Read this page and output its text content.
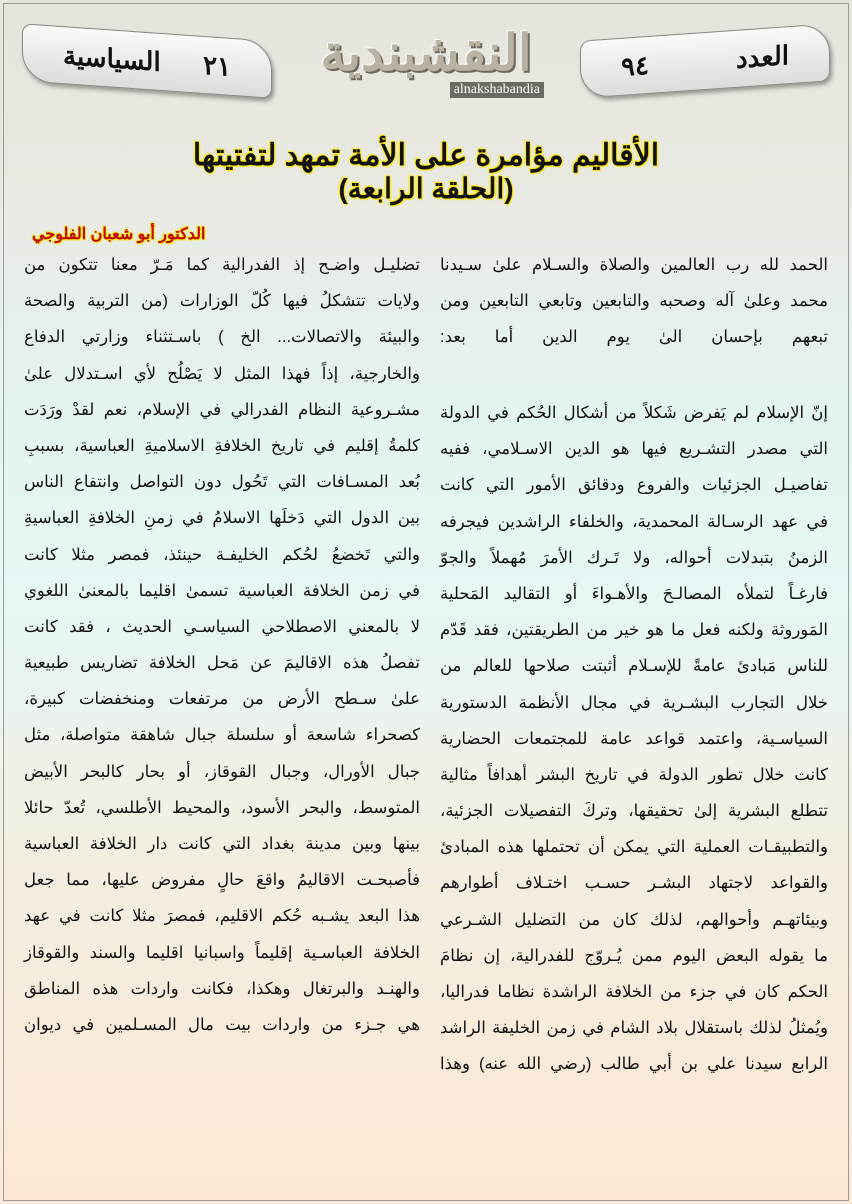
٢١
السياسية	النقشبندية
alnakshabandia
العدد
٩٤
الأقاليم مؤامرة على الأمة تمهد لتفتيتها
(الحلقة الرابعة)
الدكتور أبو شعبان الفلوجي
الحمد لله رب العالمين والصلاة والسـلام علىٰ سـيدنا
محمد وعلىٰ آله وصحبه والتابعين وتابعي التابعين ومن
تبعهم بإحسان الىٰ يوم الدين أما بعد:
إنّ الإسلام لم يَفرض شَكلاً من أشكال الحُكم في الدولة
التي مصدر التشـريع فيها هو الدين الاسـلامي، ففيه
تفاصيـل الجزئيات والفروع ودقائق الأمور التي كانت
في عهد الرسـالة المحمدية، والخلفاء الراشدين فيجرفه
الزمنُ بتبدلات أحواله، ولا تَـرك الأمرَ مُهملاً والجوّ
فارغـاً لتملأه المصالـحَ والأهـواءَ أو التقاليد المَحلية
المَوروثة ولكنه فعل ما هو خير من الطريقتين، فقد قَدّم
للناس مَبادئ عامةً للإسـلام أثبتت صلاحها للعالم من
خلال التجارب البشـرية في مجال الأنظمة الدستورية
السياسـية، واعتمد قواعد عامة للمجتمعات الحضارية
كانت خلال تطور الدولة في تاريخ البشر أهدافاً مثالية
تتطلع البشرية إلىٰ تحقيقها، وتركَ التفصيلات الجزئية،
والتطبيقـات العملية التي يمكن أن تحتملها هذه المبادئ
والقواعد لاجتهاد البشـر حسـب اختـلاف أطوارهم
وبيئاتهـم وأحوالهم، لذلك كان من التضليل الشـرعي
ما يقوله البعض اليوم ممن يُـروّج للفدرالية، إن نظامَ
الحكم كان في جزء من الخلافة الراشدة نظاما فدراليا،
ويُمثلُ لذلك باستقلال بلاد الشام في زمن الخليفة الراشد
الرابع سيدنا علي بن أبي طالب (رضي الله عنه) وهذا
تضليـل واضـح إذ الفدرالية كما مَـرّ معنا تتكون من
ولايات تتشكلُ فيها كُلّ الوزارات (من التربية والصحة
والبيئة والاتصالات... الخ ) باسـتثناء وزارتي الدفاع
والخارجية، إذاً فهذا المثل لا يَصْلُح لأي اسـتدلال علىٰ
مشـروعية النظام الفدرالي في الإسلام، نعم لقدْ ورَدَت
كلمةُ إقليم في تاريخ الخلافةِ الاسلاميةِ العباسية، بسببِ
بُعد المسـافات التي تَحُول دون التواصل وانتفاع الناس
بين الدول التي دَخلَها الاسلامُ في زمنِ الخلافةِ العباسيةِ
والتي تَخضعُ لحُكم الخليفـة حينئذ، فمصر مثلا كانت
في زمن الخلافة العباسية تسمىٰ اقليما بالمعنىٰ اللغوي
لا بالمعني الاصطلاحي السياسـي الحديث ، فقد كانت
تفصلُ هذه الاقاليمَ عن مَحل الخلافة تضاريس طبيعية
علىٰ سـطح الأرض من مرتفعات ومنخفضات كبيرة،
كصحراء شاسعة أو سلسلة جبال شاهقة متواصلة، مثل
جبال الأورال، وجبال القوقاز، أو بحار كالبحر الأبيض
المتوسط، والبحر الأسود، والمحيط الأطلسي، تُعدّ حائلا
بينها وبين مدينة بغداد التي كانت دار الخلافة العباسية
فأصبحـت الاقاليمُ واقعَ حالٍ مفروض عليها، مما جعل
هذا البعد يشـبه حُكم الاقليم، فمصرَ مثلا كانت في عهد
الخلافة العباسـية إقليماً واسبانيا اقليما والسند والقوقاز
والهنـد والبرتغال وهكذا، فكانت واردات هذه المناطق
هي جـزء من واردات بيت مال المسـلمين في ديوان
